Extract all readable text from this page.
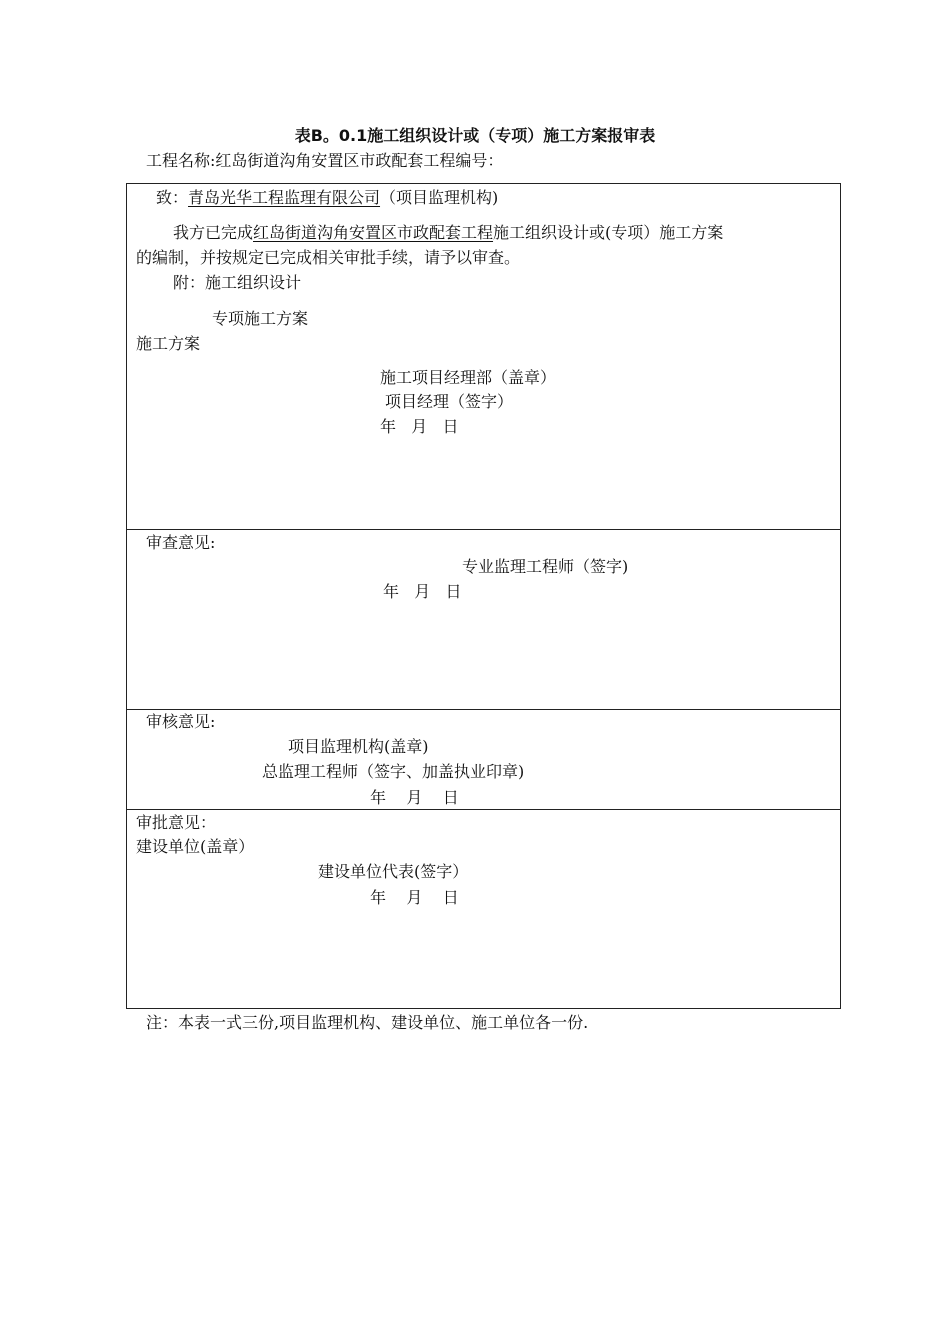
表B。0.1施工组织设计或（专项）施工方案报审表
工程名称:红岛街道沟角安置区市政配套工程编号：
致：青岛光华工程监理有限公司（项目监理机构)
我方已完成红岛街道沟角安置区市政配套工程施工组织设计或(专项）施工方案
的编制，并按规定已完成相关审批手续，请予以审查。
附：施工组织设计
专项施工方案
施工方案
施工项目经理部（盖章）
项目经理（签字）
年   月   日
审查意见:
专业监理工程师（签字)
年   月   日
审核意见:
项目监理机构(盖章)
总监理工程师（签字、加盖执业印章)
年    月    日
审批意见：
建设单位(盖章）
建设单位代表(签字）
年    月    日
注：本表一式三份,项目监理机构、建设单位、施工单位各一份.
